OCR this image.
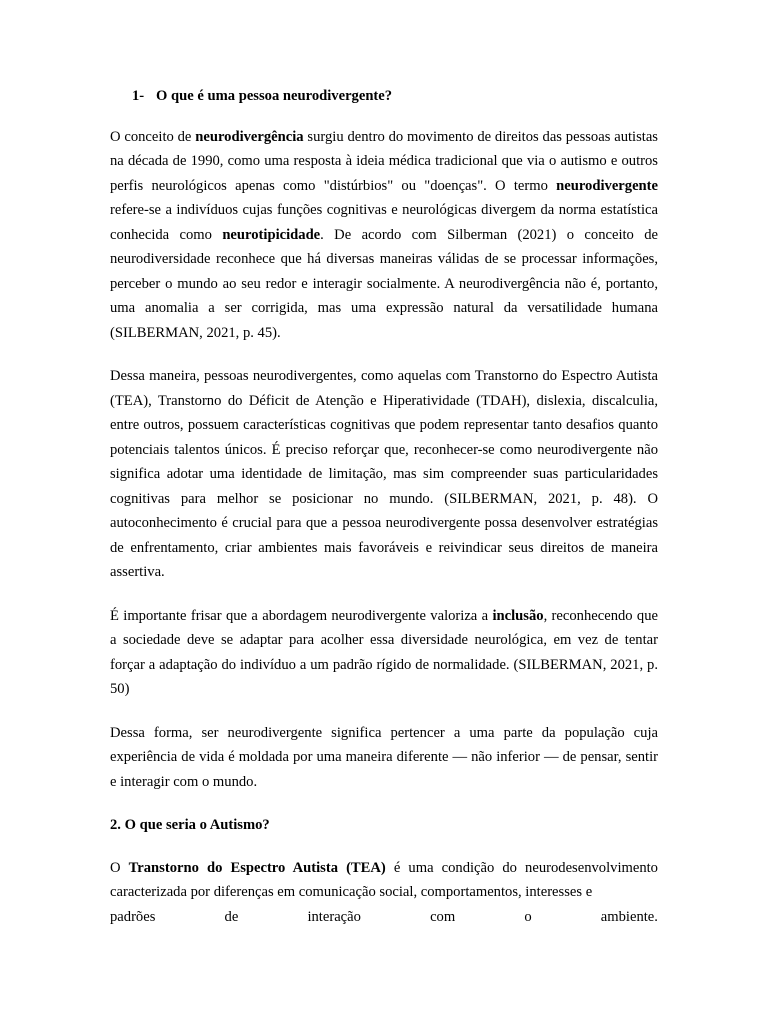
1- O que é uma pessoa neurodivergente?

O conceito de neurodivergência surgiu dentro do movimento de direitos das pessoas autistas na década de 1990, como uma resposta à ideia médica tradicional que via o autismo e outros perfis neurológicos apenas como "distúrbios" ou "doenças". O termo neurodivergente refere-se a indivíduos cujas funções cognitivas e neurológicas divergem da norma estatística conhecida como neurotipicidade. De acordo com Silberman (2021) o conceito de neurodiversidade reconhece que há diversas maneiras válidas de se processar informações, perceber o mundo ao seu redor e interagir socialmente. A neurodivergência não é, portanto, uma anomalia a ser corrigida, mas uma expressão natural da versatilidade humana (SILBERMAN, 2021, p. 45).

Dessa maneira, pessoas neurodivergentes, como aquelas com Transtorno do Espectro Autista (TEA), Transtorno do Déficit de Atenção e Hiperatividade (TDAH), dislexia, discalculia, entre outros, possuem características cognitivas que podem representar tanto desafios quanto potenciais talentos únicos. É preciso reforçar que, reconhecer-se como neurodivergente não significa adotar uma identidade de limitação, mas sim compreender suas particularidades cognitivas para melhor se posicionar no mundo. (SILBERMAN, 2021, p. 48). O autoconhecimento é crucial para que a pessoa neurodivergente possa desenvolver estratégias de enfrentamento, criar ambientes mais favoráveis e reivindicar seus direitos de maneira assertiva.

É importante frisar que a abordagem neurodivergente valoriza a inclusão, reconhecendo que a sociedade deve se adaptar para acolher essa diversidade neurológica, em vez de tentar forçar a adaptação do indivíduo a um padrão rígido de normalidade. (SILBERMAN, 2021, p. 50)

Dessa forma, ser neurodivergente significa pertencer a uma parte da população cuja experiência de vida é moldada por uma maneira diferente — não inferior — de pensar, sentir e interagir com o mundo.

2. O que seria o Autismo?

O Transtorno do Espectro Autista (TEA) é uma condição do neurodesenvolvimento caracterizada por diferenças em comunicação social, comportamentos, interesses e

padrões	de	interação	com	o	ambiente.
